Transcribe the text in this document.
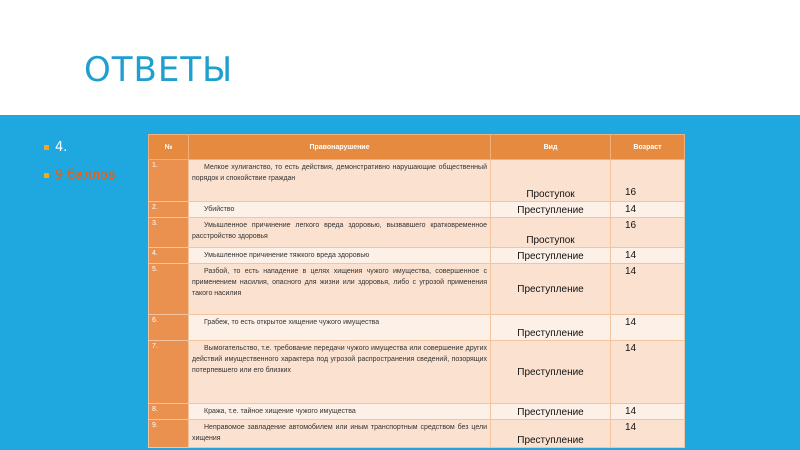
ОТВЕТЫ
4.
9 баллов
№	Правонарушение	Вид	Возраст
1.	Мелкое хулиганство, то есть действия, демонстративно нарушающие общественный порядок и спокойствие граждан	Проступок	16
2.	Убийство	Преступление	14
3.	Умышленное причинение легкого вреда здоровью, вызвавшего кратковременное расстройство здоровья	Проступок	16
4.	Умышленное причинение тяжкого вреда здоровью	Преступление	14
5.	Разбой, то есть нападение в целях хищения чужого имущества, совершенное с применением насилия, опасного для жизни или здоровья, либо с угрозой применения такого насилия	Преступление	14
6.	Грабеж, то есть открытое хищение чужого имущества	Преступление	14
7.	Вымогательство, т.е. требование передачи чужого имущества или совершение других действий имущественного характера под угрозой распространения сведений, позорящих потерпевшего или его близких	Преступление	14
8.	Кража, т.е. тайное хищение чужого имущества	Преступление	14
9.	Неправомое завладение автомобилем или иным транспортным средством без цели хищения	Преступление	14
